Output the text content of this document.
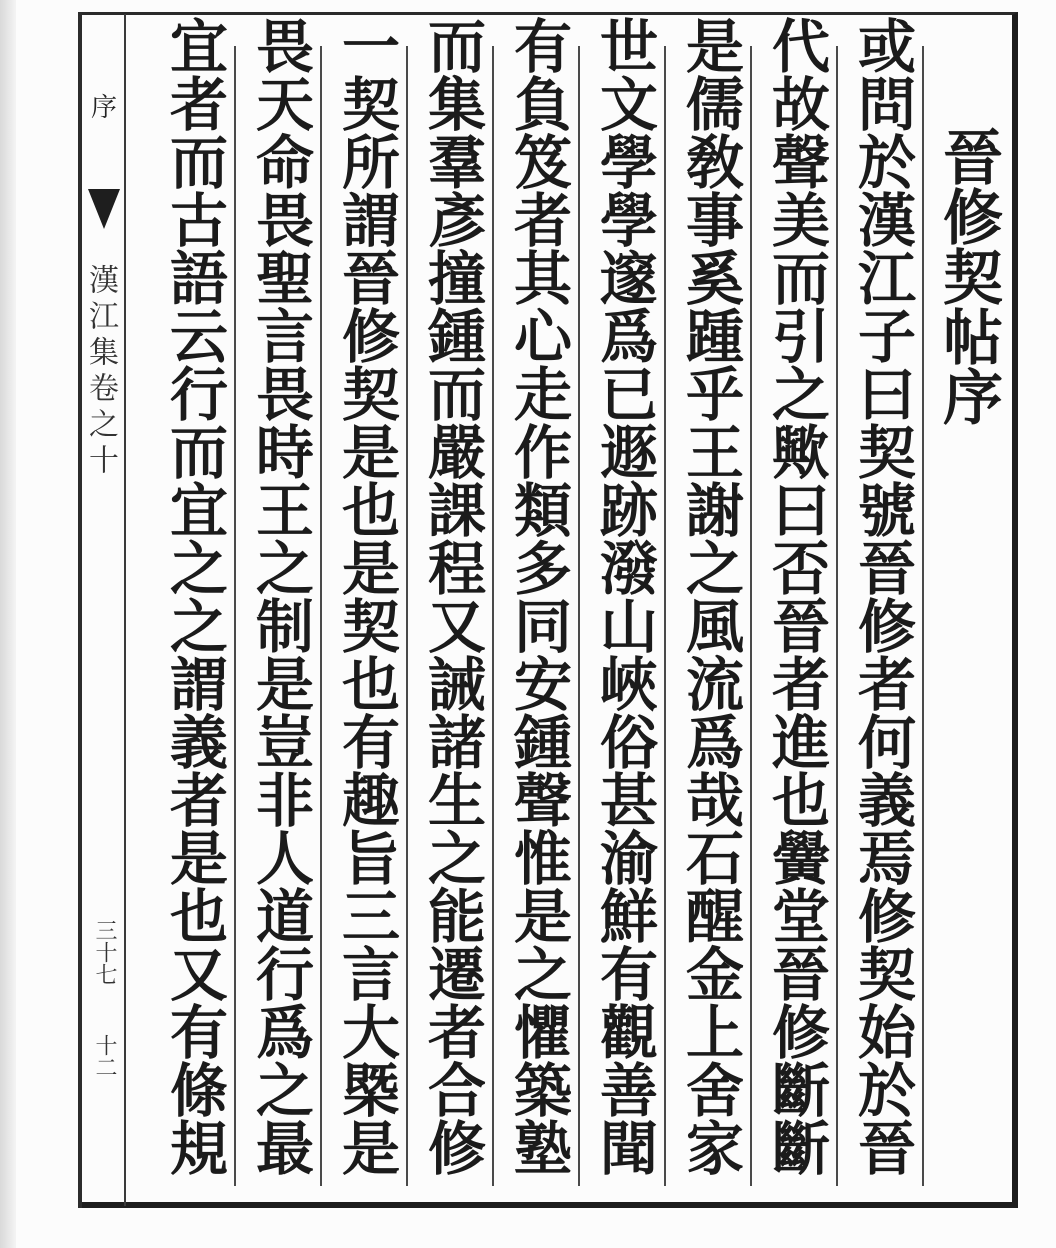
序
漢江集卷之十
三十七
十二
晉修契帖序
或問於漢江子曰契號晉修者何義焉修契始於晉
代故聲美而引之歟曰否晉者進也黌堂晉修斷斷
是儒敎事奚踵乎王謝之風流爲哉石醒金上舍家
世文學學邃爲已遯跡潑山峽俗甚渝鮮有觀善聞
有負笈者其心走作類多同安鍾聲惟是之懼築塾
而集羣彥撞鍾而嚴課程又誡諸生之能遷者合修
一契所謂晉修契是也是契也有趣旨三言大槩是
畏天命畏聖言畏時王之制是豈非人道行爲之最
宜者而古語云行而宜之之謂義者是也又有條規
